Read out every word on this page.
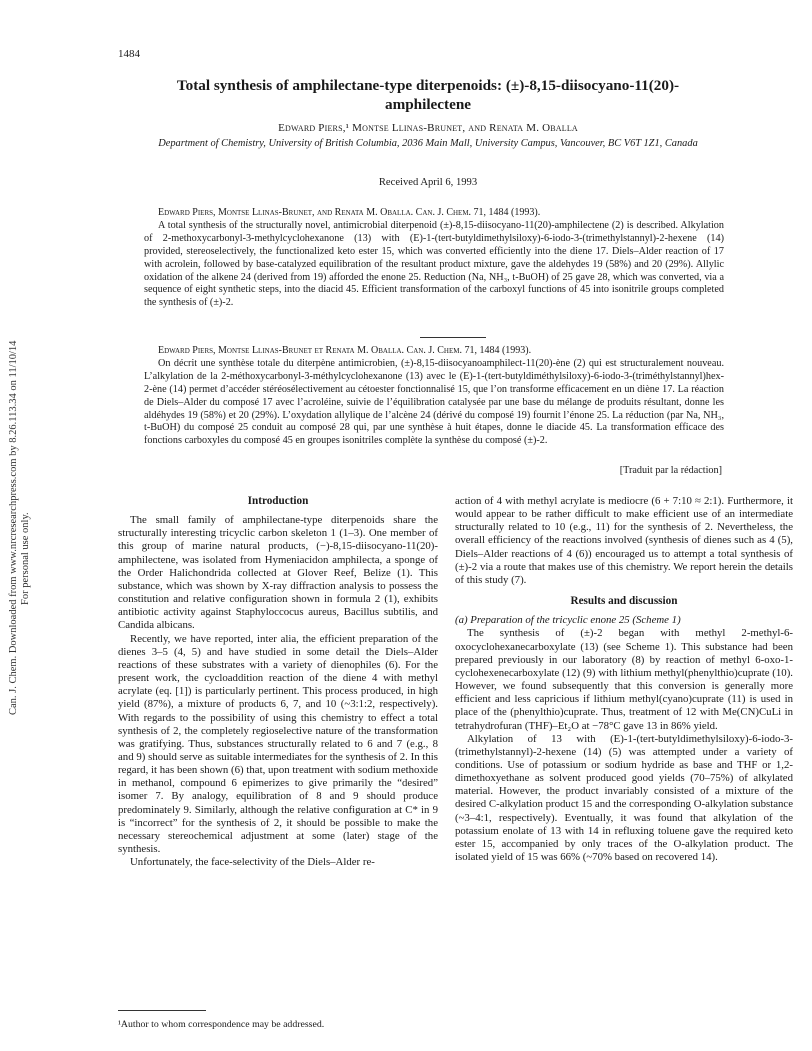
1484
Total synthesis of amphilectane-type diterpenoids: (±)-8,15-diisocyano-11(20)-amphilectene
Edward Piers,¹ Montse Llinas-Brunet, and Renata M. Oballa
Department of Chemistry, University of British Columbia, 2036 Main Mall, University Campus, Vancouver, BC V6T 1Z1, Canada
Received April 6, 1993

Edward Piers, Montse Llinas-Brunet, and Renata M. Oballa. Can. J. Chem. 71, 1484 (1993).

A total synthesis of the structurally novel, antimicrobial diterpenoid (±)-8,15-diisocyano-11(20)-amphilectene (2) is described. Alkylation of 2-methoxycarbonyl-3-methylcyclohexanone (13) with (E)-1-(tert-butyldimethylsiloxy)-6-iodo-3-(trimethylstannyl)-2-hexene (14) provided, stereoselectively, the functionalized keto ester 15, which was converted efficiently into the diene 17. Diels–Alder reaction of 17 with acrolein, followed by base-catalyzed equilibration of the resultant product mixture, gave the aldehydes 19 (58%) and 20 (29%). Allylic oxidation of the alkene 24 (derived from 19) afforded the enone 25. Reduction (Na, NH₃, t-BuOH) of 25 gave 28, which was converted, via a sequence of eight synthetic steps, into the diacid 45. Efficient transformation of the carboxyl functions of 45 into isonitrile groups completed the synthesis of (±)-2.

Edward Piers, Montse Llinas-Brunet et Renata M. Oballa. Can. J. Chem. 71, 1484 (1993).

On décrit une synthèse totale du diterpène antimicrobien, (±)-8,15-diisocyanoamphilect-11(20)-ène (2) qui est structuralement nouveau. L’alkylation de la 2-méthoxycarbonyl-3-méthylcyclohexanone (13) avec le (E)-1-(tert-butyldiméthylsiloxy)-6-iodo-3-(triméthylstannyl)hex-2-ène (14) permet d’accéder stéréosélectivement au cétoester fonctionnalisé 15, que l’on transforme efficacement en un diène 17. La réaction de Diels–Alder du composé 17 avec l’acroléine, suivie de l’équilibration catalysée par une base du mélange de produits résultant, donne les aldéhydes 19 (58%) et 20 (29%). L’oxydation allylique de l’alcène 24 (dérivé du composé 19) fournit l’énone 25. La réduction (par Na, NH₃, t-BuOH) du composé 25 conduit au composé 28 qui, par une synthèse à huit étapes, donne le diacide 45. La transformation efficace des fonctions carboxyles du composé 45 en groupes isonitriles complète la synthèse du composé (±)-2.

[Traduit par la rédaction]

Introduction

The small family of amphilectane-type diterpenoids share the structurally interesting tricyclic carbon skeleton 1 (1–3). One member of this group of marine natural products, (−)-8,15-diisocyano-11(20)-amphilectene, was isolated from Hymeniacidon amphilecta, a sponge of the Order Halichondrida collected at Glover Reef, Belize (1). This substance, which was shown by X-ray diffraction analysis to possess the constitution and relative configuration shown in formula 2 (1), exhibits antibiotic activity against Staphyloccocus aureus, Bacillus subtilis, and Candida albicans.

Recently, we have reported, inter alia, the efficient preparation of the dienes 3–5 (4, 5) and have studied in some detail the Diels–Alder reactions of these substrates with a variety of dienophiles (6). For the present work, the cycloaddition reaction of the diene 4 with methyl acrylate (eq. [1]) is particularly pertinent. This process produced, in high yield (87%), a mixture of products 6, 7, and 10 (~3:1:2, respectively). With regards to the possibility of using this chemistry to effect a total synthesis of 2, the completely regioselective nature of the transformation was gratifying. Thus, substances structurally related to 6 and 7 (e.g., 8 and 9) should serve as suitable intermediates for the synthesis of 2. In this regard, it has been shown (6) that, upon treatment with sodium methoxide in methanol, compound 6 epimerizes to give primarily the “desired” isomer 7. By analogy, equilibration of 8 and 9 should produce predominately 9. Similarly, although the relative configuration at C* in 9 is “incorrect” for the synthesis of 2, it should be possible to make the necessary stereochemical adjustment at some (later) stage of the synthesis.

Unfortunately, the face-selectivity of the Diels–Alder re-

action of 4 with methyl acrylate is mediocre (6 + 7:10 ≈ 2:1). Furthermore, it would appear to be rather difficult to make efficient use of an intermediate structurally related to 10 (e.g., 11) for the synthesis of 2. Nevertheless, the overall efficiency of the reactions involved (synthesis of dienes such as 4 (5), Diels–Alder reactions of 4 (6)) encouraged us to attempt a total synthesis of (±)-2 via a route that makes use of this chemistry. We report herein the details of this study (7).

Results and discussion

(a) Preparation of the tricyclic enone 25 (Scheme 1)

The synthesis of (±)-2 began with methyl 2-methyl-6-oxocyclohexanecarboxylate (13) (see Scheme 1). This substance had been prepared previously in our laboratory (8) by reaction of methyl 6-oxo-1-cyclohexenecarboxylate (12) (9) with lithium methyl(phenylthio)cuprate (10). However, we found subsequently that this conversion is generally more efficient and less capricious if lithium methyl(cyano)cuprate (11) is used in place of the (phenylthio)cuprate. Thus, treatment of 12 with Me(CN)CuLi in tetrahydrofuran (THF)–Et₂O at −78°C gave 13 in 86% yield.

Alkylation of 13 with (E)-1-(tert-butyldimethylsiloxy)-6-iodo-3-(trimethylstannyl)-2-hexene (14) (5) was attempted under a variety of conditions. Use of potassium or sodium hydride as base and THF or 1,2-dimethoxyethane as solvent produced good yields (70–75%) of alkylated material. However, the product invariably consisted of a mixture of the desired C-alkylation product 15 and the corresponding O-alkylation substance (~3–4:1, respectively). Eventually, it was found that alkylation of the potassium enolate of 13 with 14 in refluxing toluene gave the required keto ester 15, accompanied by only traces of the O-alkylation product. The isolated yield of 15 was 66% (~70% based on recovered 14).

¹Author to whom correspondence may be addressed.
Can. J. Chem. Downloaded from www.nrcresearchpress.com by 8.26.113.34 on 11/10/14 For personal use only.
